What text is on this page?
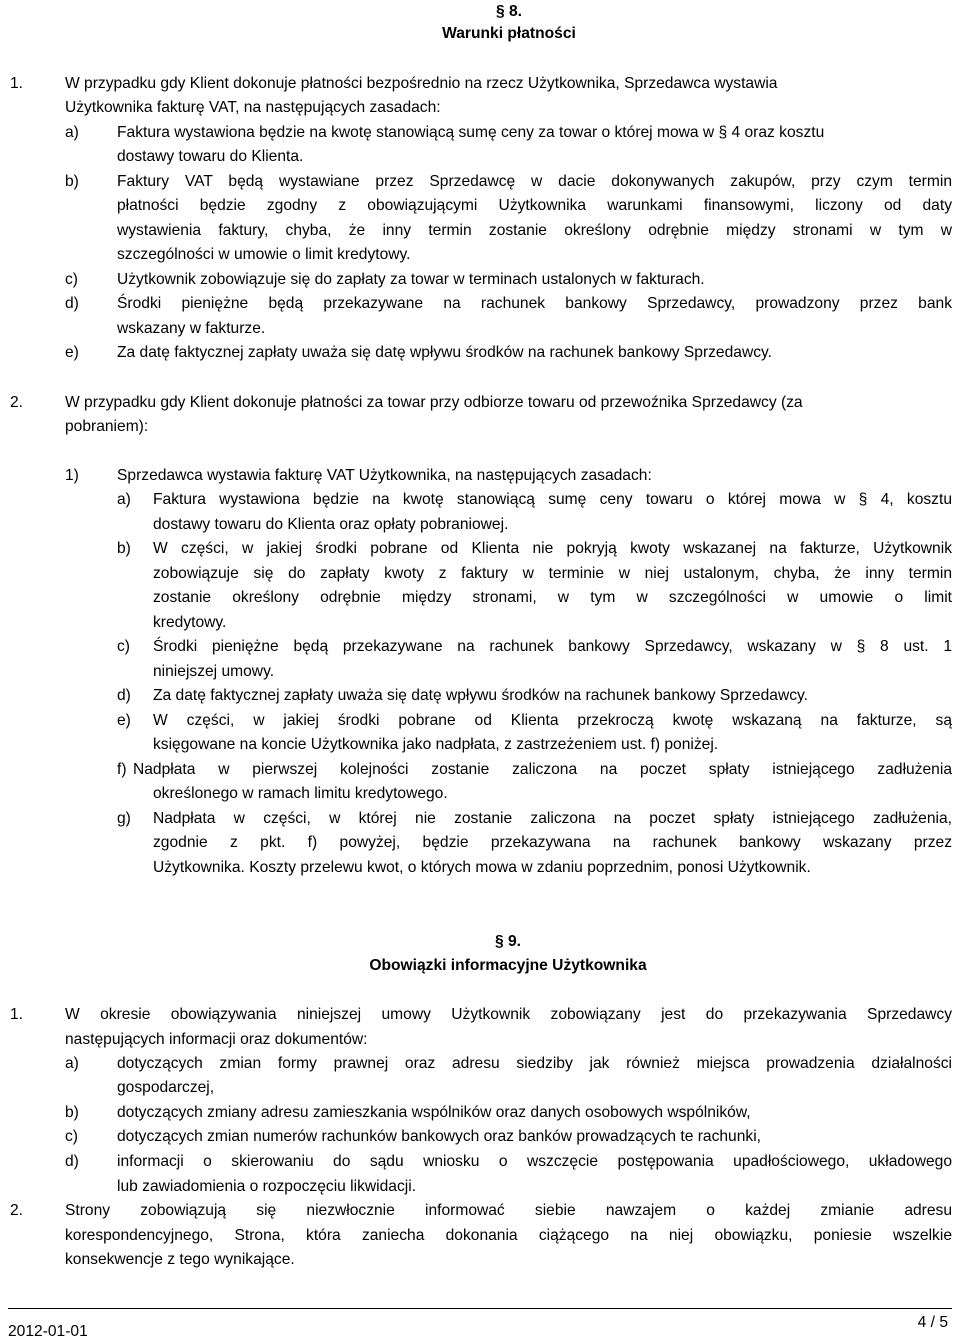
§ 8.
Warunki płatności
1.	W przypadku gdy Klient dokonuje płatności bezpośrednio na rzecz Użytkownika, Sprzedawca wystawia
Użytkownika fakturę VAT, na następujących zasadach:
a) Faktura wystawiona będzie na kwotę stanowiącą sumę ceny za towar o której mowa w § 4 oraz kosztu
dostawy towaru do Klienta.
b) Faktury VAT będą wystawiane przez Sprzedawcę w dacie dokonywanych zakupów, przy czym termin
płatności będzie zgodny z obowiązującymi Użytkownika warunkami finansowymi, liczony od daty
wystawienia faktury, chyba, że inny termin zostanie określony odrębnie między stronami w tym w
szczególności w umowie o limit kredytowy.
c)	Użytkownik zobowiązuje się do zapłaty za towar w terminach ustalonych w fakturach.
d) Środki pieniężne będą przekazywane na rachunek bankowy Sprzedawcy, prowadzony przez bank
wskazany w fakturze.
e) Za datę faktycznej zapłaty uważa się datę wpływu środków na rachunek bankowy Sprzedawcy.
2.	W przypadku gdy Klient dokonuje płatności za towar przy odbiorze towaru od przewoźnika Sprzedawcy (za
pobraniem):
1) Sprzedawca wystawia fakturę VAT Użytkownika, na następujących zasadach:
a) Faktura wystawiona będzie na kwotę stanowiącą sumę ceny towaru o której mowa w § 4, kosztu
dostawy towaru do Klienta oraz opłaty pobraniowej.
b) W części, w jakiej środki pobrane od Klienta nie pokryją kwoty wskazanej na fakturze, Użytkownik
zobowiązuje się do zapłaty kwoty z faktury w terminie w niej ustalonym, chyba, że inny termin
zostanie określony odrębnie między stronami, w tym w szczególności w umowie o limit
kredytowy.
c) Środki pieniężne będą przekazywane na rachunek bankowy Sprzedawcy, wskazany w § 8 ust. 1
niniejszej umowy.
d) Za datę faktycznej zapłaty uważa się datę wpływu środków na rachunek bankowy Sprzedawcy.
e) W części, w jakiej środki pobrane od Klienta przekroczą kwotę wskazaną na fakturze, są
księgowane na koncie Użytkownika jako nadpłata, z zastrzeżeniem ust. f) poniżej.
f) Nadpłata w pierwszej kolejności zostanie zaliczona na poczet spłaty istniejącego zadłużenia
określonego w ramach limitu kredytowego.
g) Nadpłata w części, w której nie zostanie zaliczona na poczet spłaty istniejącego zadłużenia,
zgodnie z pkt. f) powyżej, będzie przekazywana na rachunek bankowy wskazany przez
Użytkownika. Koszty przelewu kwot, o których mowa w zdaniu poprzednim, ponosi Użytkownik.
§ 9.
Obowiązki informacyjne Użytkownika
1.	W okresie obowiązywania niniejszej umowy Użytkownik zobowiązany jest do przekazywania Sprzedawcy
następujących informacji oraz dokumentów:
a) dotyczących zmian formy prawnej oraz adresu siedziby jak również miejsca prowadzenia działalności
gospodarczej,
b) dotyczących zmiany adresu zamieszkania wspólników oraz danych osobowych wspólników,
c)	dotyczących zmian numerów rachunków bankowych oraz banków prowadzących te rachunki,
d) informacji o skierowaniu do sądu wniosku o wszczęcie postępowania upadłościowego, układowego
lub zawiadomienia o rozpoczęciu likwidacji.
2.	Strony zobowiązują się niezwłocznie informować siebie nawzajem o każdej zmianie adresu
korespondencyjnego, Strona, która zaniecha dokonania ciążącego na niej obowiązku, poniesie wszelkie
konsekwencje z tego wynikające.
2012-01-01
4 / 5
